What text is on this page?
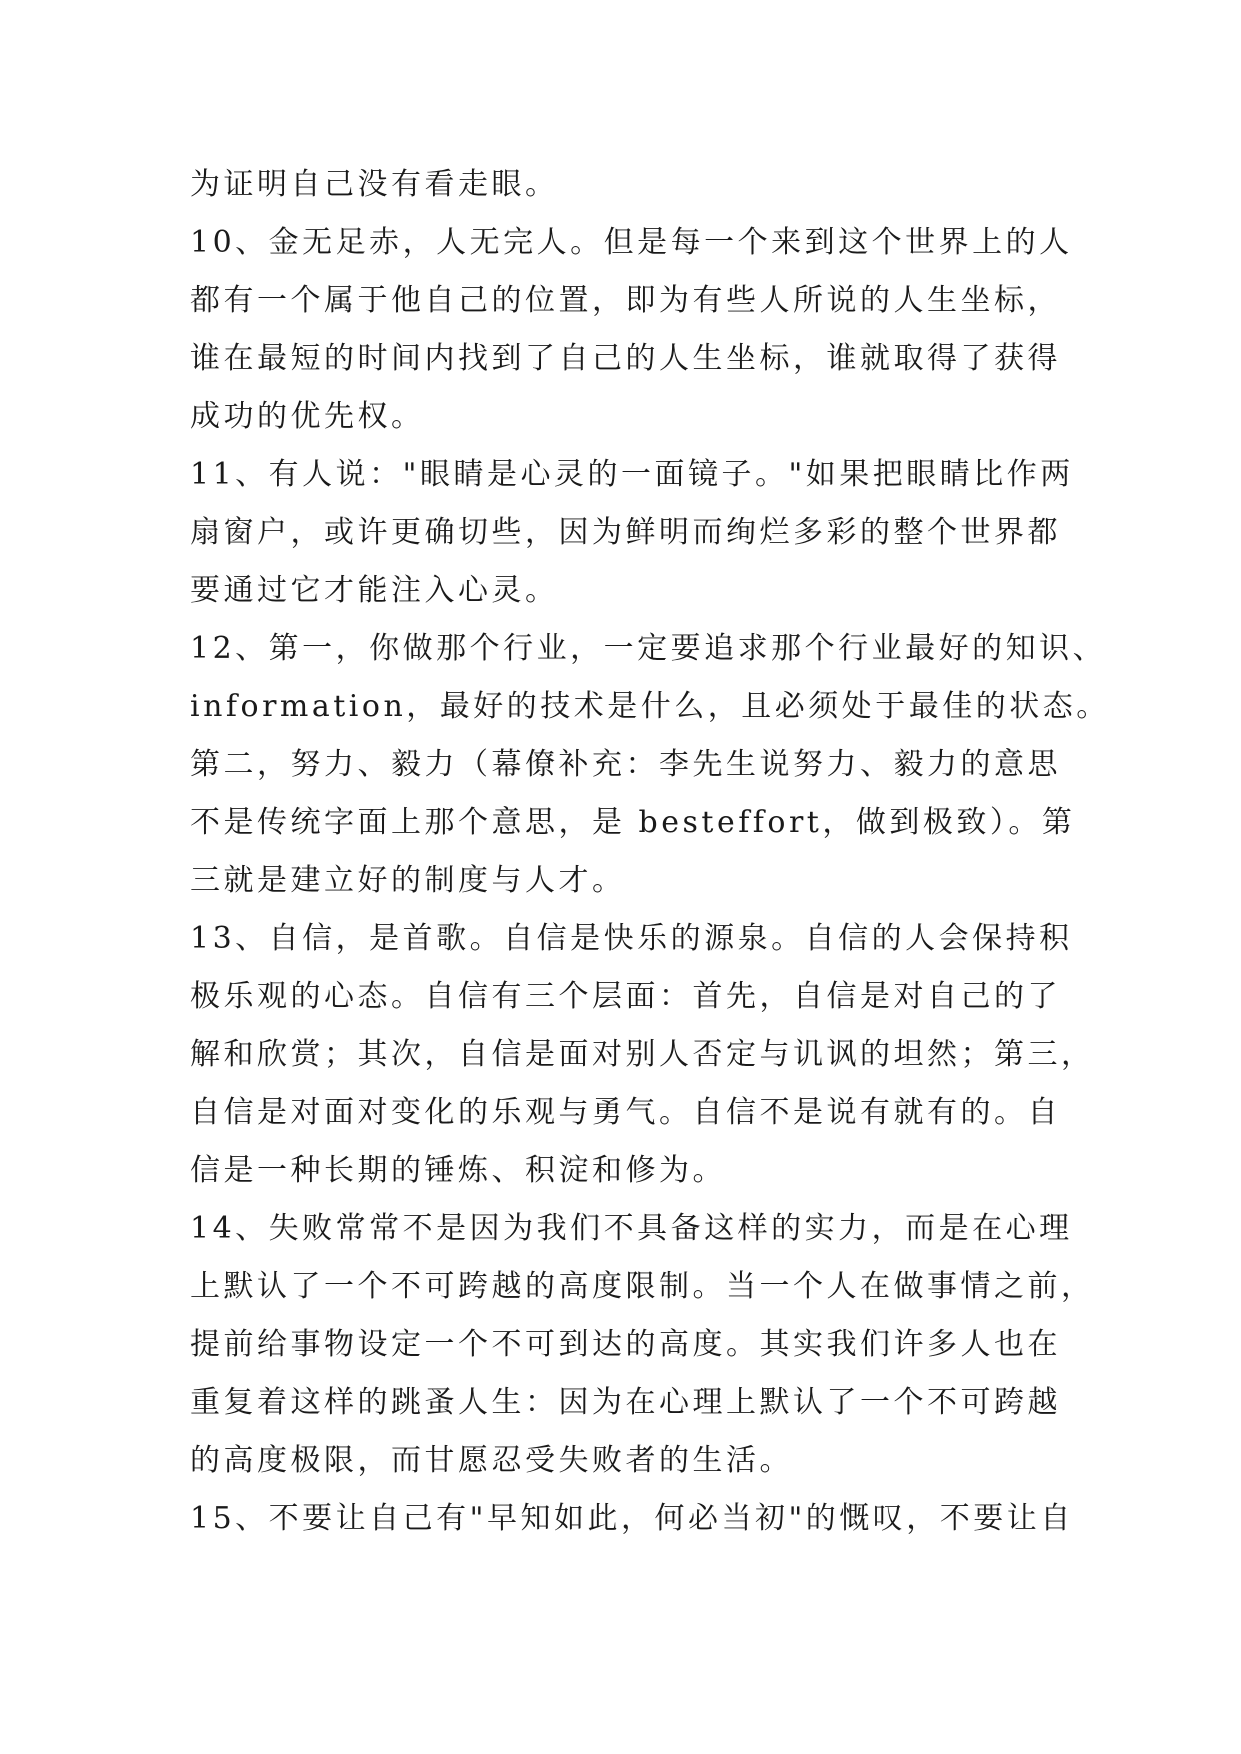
为证明自己没有看走眼。
10、金无足赤，人无完人。但是每一个来到这个世界上的人
都有一个属于他自己的位置，即为有些人所说的人生坐标，
谁在最短的时间内找到了自己的人生坐标，谁就取得了获得
成功的优先权。
11、有人说："眼睛是心灵的一面镜子。"如果把眼睛比作两
扇窗户，或许更确切些，因为鲜明而绚烂多彩的整个世界都
要通过它才能注入心灵。
12、第一，你做那个行业，一定要追求那个行业最好的知识、
information，最好的技术是什么，且必须处于最佳的状态。
第二，努力、毅力（幕僚补充：李先生说努力、毅力的意思
不是传统字面上那个意思，是 besteffort，做到极致）。第
三就是建立好的制度与人才。
13、自信，是首歌。自信是快乐的源泉。自信的人会保持积
极乐观的心态。自信有三个层面：首先，自信是对自己的了
解和欣赏；其次，自信是面对别人否定与讥讽的坦然；第三，
自信是对面对变化的乐观与勇气。自信不是说有就有的。自
信是一种长期的锤炼、积淀和修为。
14、失败常常不是因为我们不具备这样的实力，而是在心理
上默认了一个不可跨越的高度限制。当一个人在做事情之前，
提前给事物设定一个不可到达的高度。其实我们许多人也在
重复着这样的跳蚤人生：因为在心理上默认了一个不可跨越
的高度极限，而甘愿忍受失败者的生活。
15、不要让自己有"早知如此，何必当初"的慨叹，不要让自
